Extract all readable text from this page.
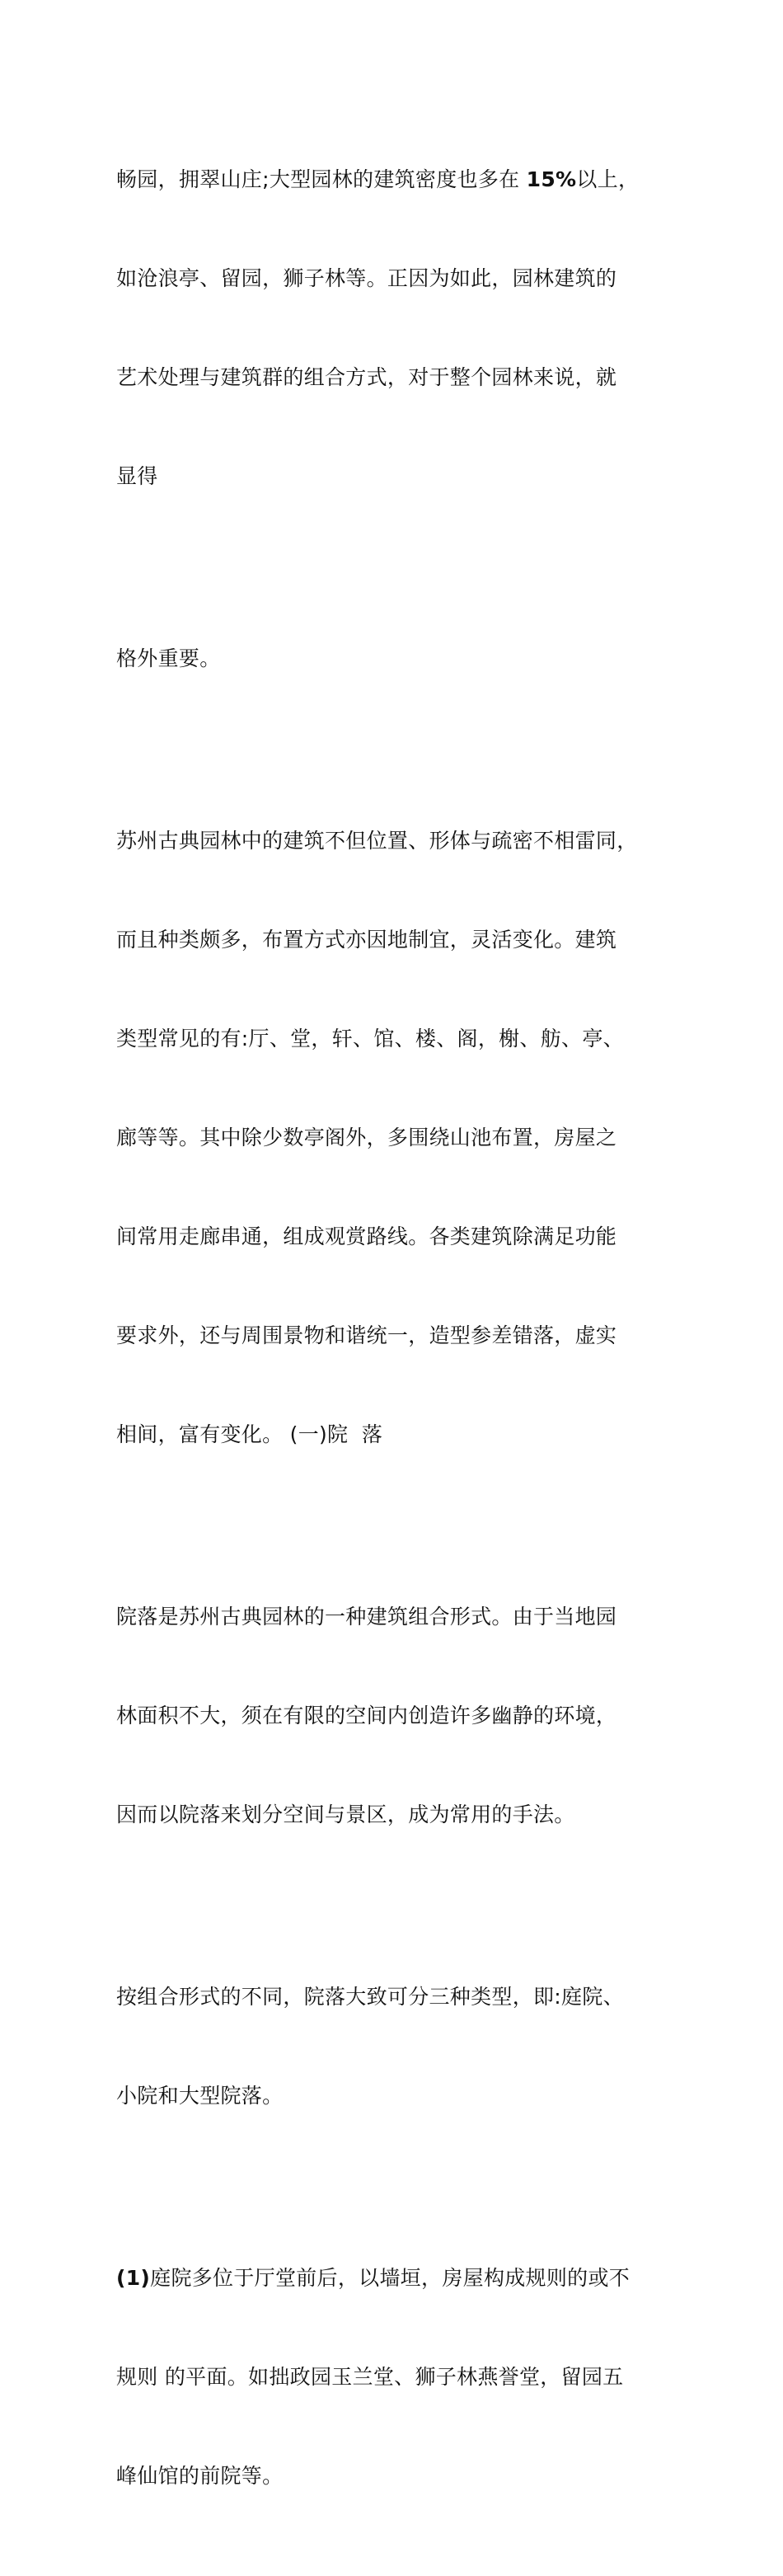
畅园，拥翠山庄;大型园林的建筑密度也多在 15%以上，

如沧浪亭、留园，狮子林等。正因为如此，园林建筑的

艺术处理与建筑群的组合方式，对于整个园林来说，就

显得

格外重要。

苏州古典园林中的建筑不但位置、形体与疏密不相雷同，

而且种类颇多，布置方式亦因地制宜，灵活变化。建筑

类型常见的有:厅、堂，轩、馆、楼、阁，榭、舫、亭、

廊等等。其中除少数亭阁外，多围绕山池布置，房屋之

间常用走廊串通，组成观赏路线。各类建筑除满足功能

要求外，还与周围景物和谐统一，造型参差错落，虚实

相间，富有变化。 (一)院  落

院落是苏州古典园林的一种建筑组合形式。由于当地园

林面积不大，须在有限的空间内创造许多幽静的环境，

因而以院落来划分空间与景区，成为常用的手法。

按组合形式的不同，院落大致可分三种类型，即:庭院、

小院和大型院落。

(1)庭院多位于厅堂前后，以墙垣，房屋构成规则的或不

规则 的平面。如拙政园玉兰堂、狮子林燕誉堂，留园五

峰仙馆的前院等。
